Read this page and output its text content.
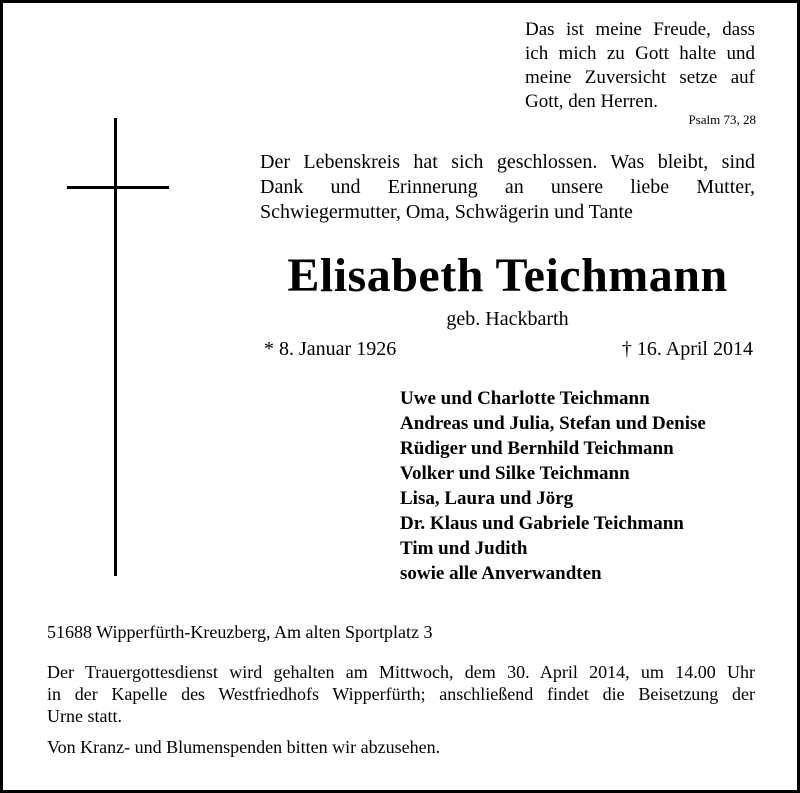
Das ist meine Freude, dass
ich mich zu Gott halte und
meine Zuversicht setze auf
Gott, den Herren.
Psalm 73, 28
Der Lebenskreis hat sich geschlossen. Was bleibt, sind
Dank und Erinnerung an unsere liebe Mutter,
Schwiegermutter, Oma, Schwägerin und Tante
Elisabeth Teichmann
geb. Hackbarth
* 8. Januar 1926	† 16. April 2014
Uwe und Charlotte Teichmann
Andreas und Julia, Stefan und Denise
Rüdiger und Bernhild Teichmann
Volker und Silke Teichmann
Lisa, Laura und Jörg
Dr. Klaus und Gabriele Teichmann
Tim und Judith
sowie alle Anverwandten
51688 Wipperfürth-Kreuzberg, Am alten Sportplatz 3
Der Trauergottesdienst wird gehalten am Mittwoch, dem 30. April 2014, um 14.00 Uhr
in der Kapelle des Westfriedhofs Wipperfürth; anschließend findet die Beisetzung der
Urne statt.
Von Kranz- und Blumenspenden bitten wir abzusehen.
